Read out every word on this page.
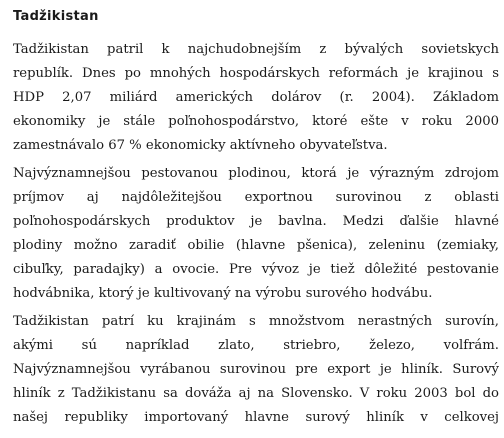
Tadžikistan

Tadžikistan patril k najchudobnejším z bývalých sovietskych
republík. Dnes po mnohých hospodárskych reformách je krajinou s
HDP 2,07 miliárd amerických dolárov (r. 2004). Základom
ekonomiky je stále poľnohospodárstvo, ktoré ešte v roku 2000
zamestnávalo 67 % ekonomicky aktívneho obyvateľstva.

Najvýznamnejšou pestovanou plodinou, ktorá je výrazným zdrojom
príjmov aj najdôležitejšou exportnou surovinou z oblasti
poľnohospodárskych produktov je bavlna. Medzi ďalšie hlavné
plodiny možno zaradiť obilie (hlavne pšenica), zeleninu (zemiaky,
cibuľky, paradajky) a ovocie. Pre vývoz je tiež dôležité pestovanie
hodvábnika, ktorý je kultivovaný na výrobu surového hodvábu.

Tadžikistan patrí ku krajinám s množstvom nerastných surovín,
akými sú napríklad zlato, striebro, železo, volfrám.
Najvýznamnejšou vyrábanou surovinou pre export je hliník. Surový
hliník z Tadžikistanu sa dováža aj na Slovensko. V roku 2003 bol do
našej republiky importovaný hlavne surový hliník v celkovej
